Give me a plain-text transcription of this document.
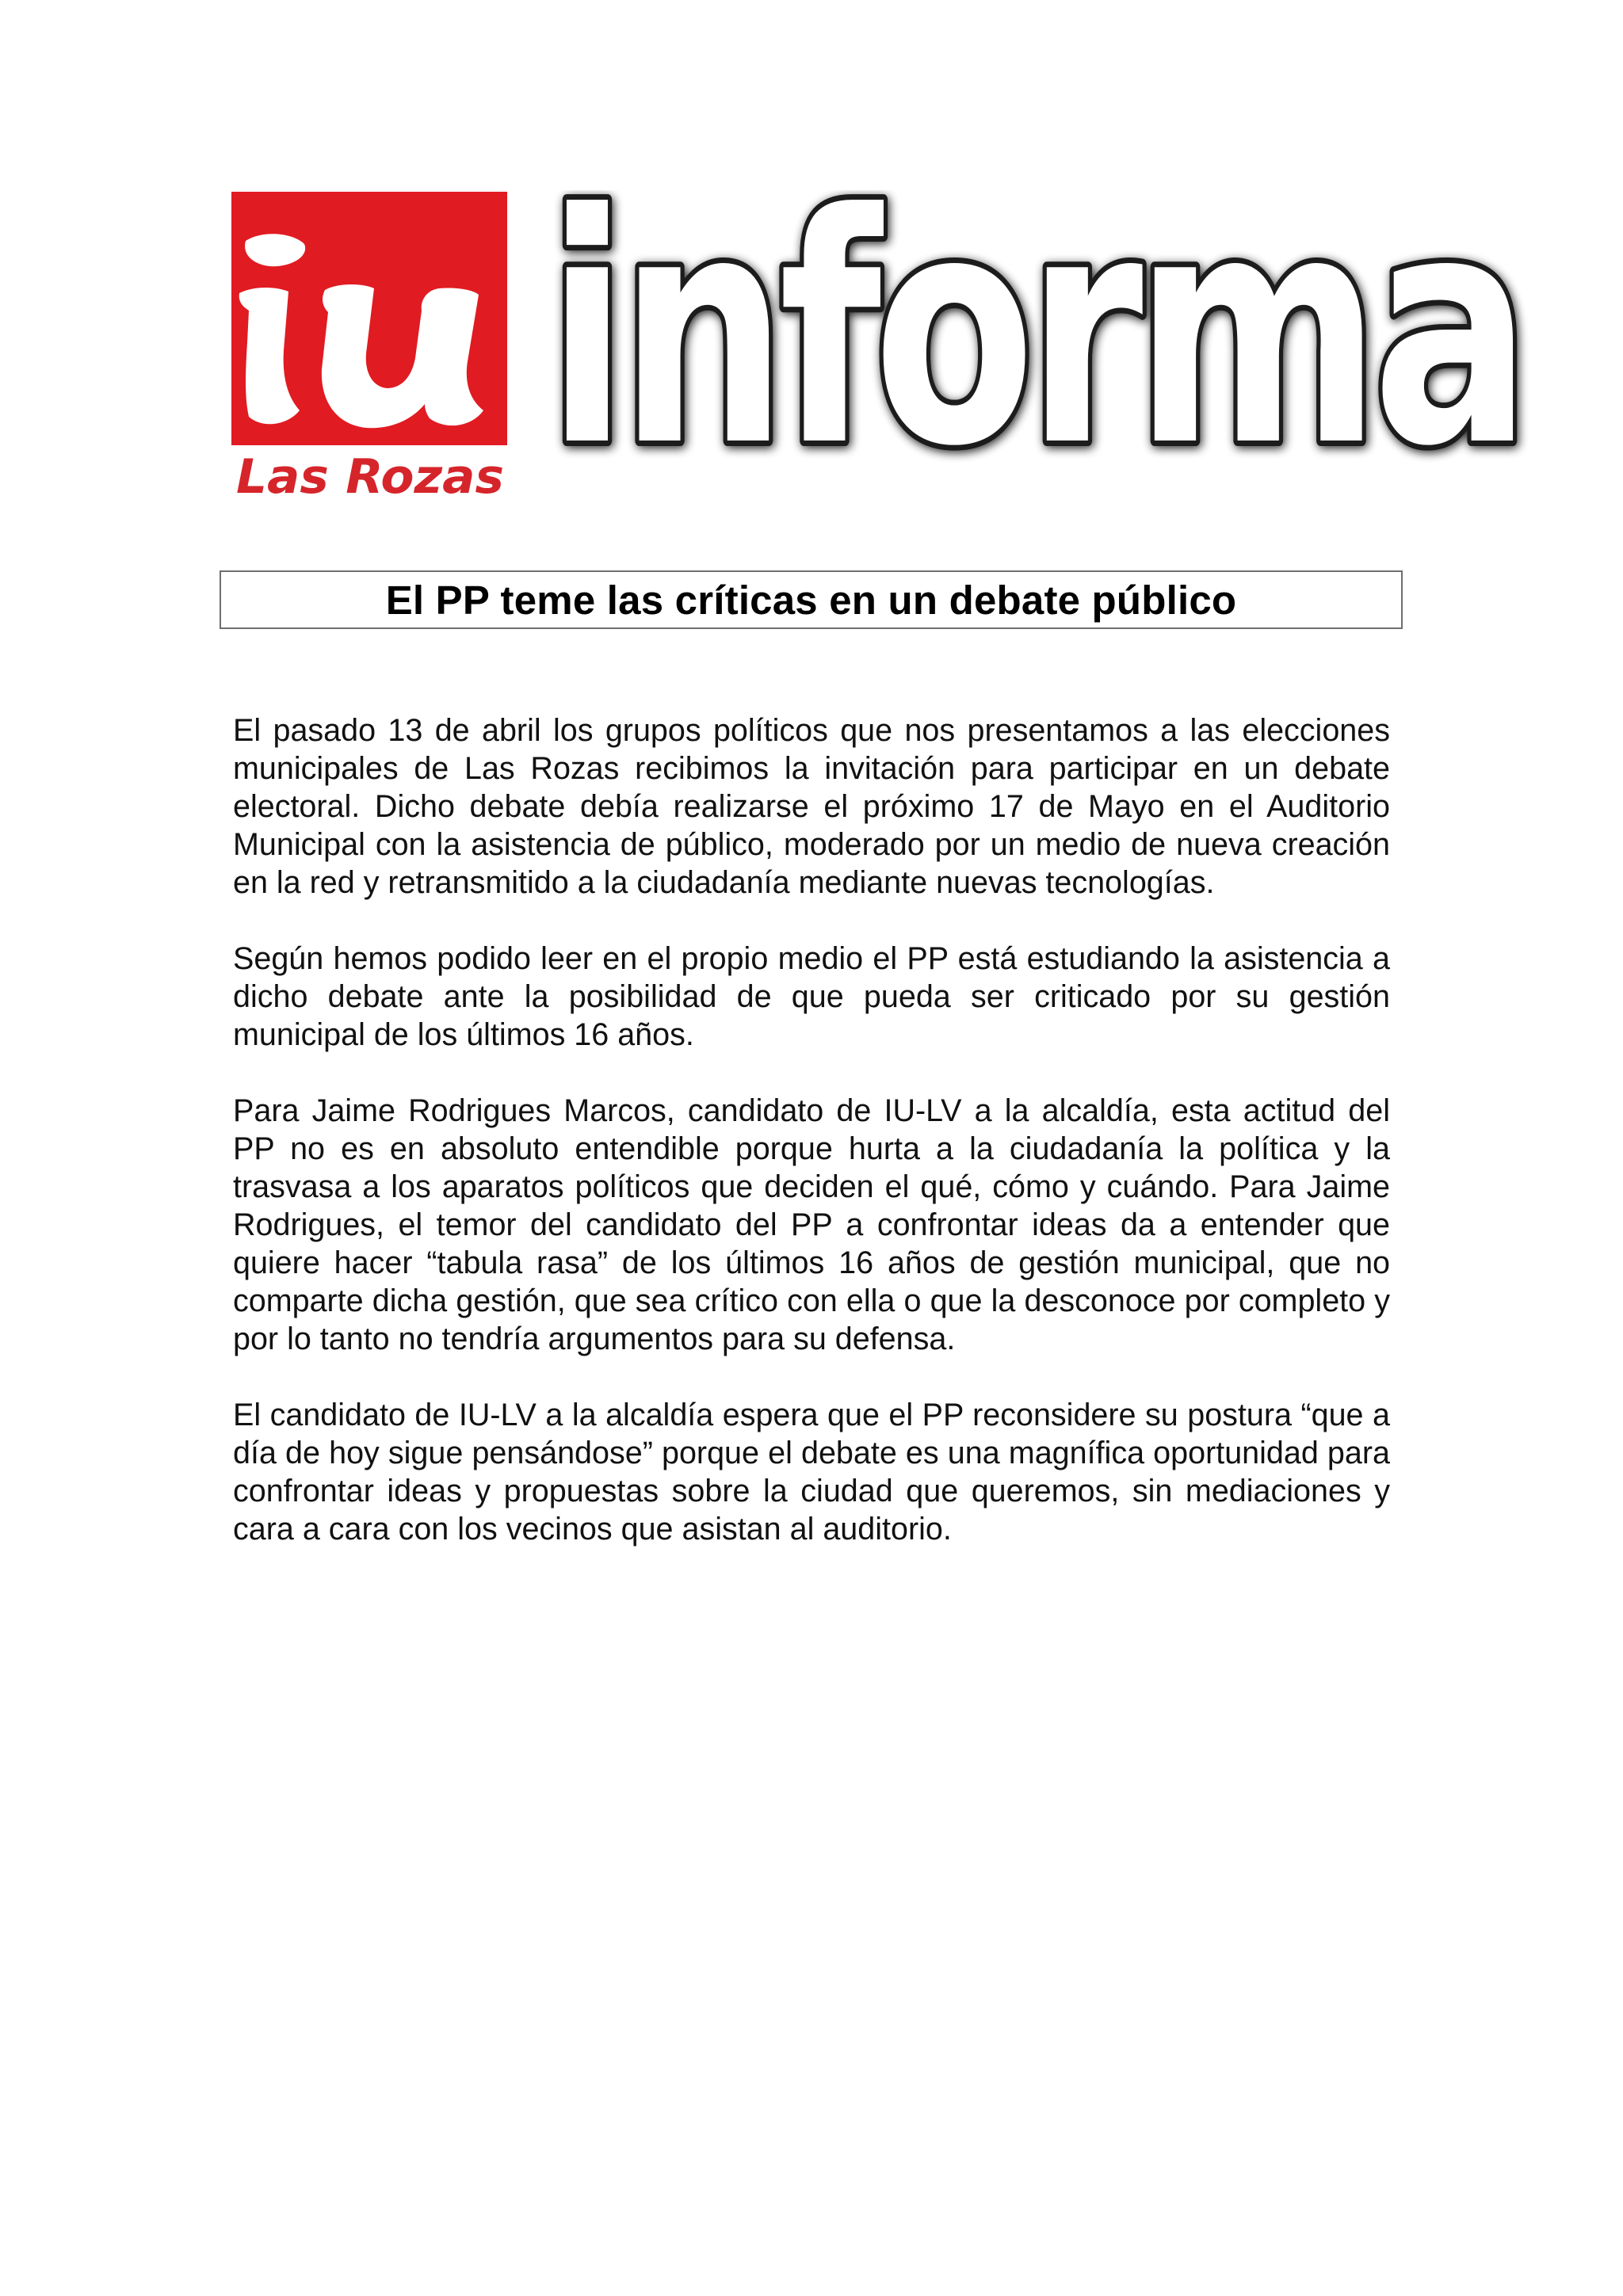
Las Rozas informa
El PP teme las críticas en un debate público

El pasado 13 de abril los grupos políticos que nos presentamos a las elecciones municipales de Las Rozas recibimos la invitación para participar en un debate electoral. Dicho debate debía realizarse el próximo 17 de Mayo en el Auditorio Municipal con la asistencia de público, moderado por un medio de nueva creación en la red y retransmitido a la ciudadanía mediante nuevas tecnologías.

Según hemos podido leer en el propio medio el PP está estudiando la asistencia a dicho debate ante la posibilidad de que pueda ser criticado por su gestión municipal de los últimos 16 años.

Para Jaime Rodrigues Marcos, candidato de IU-LV a la alcaldía, esta actitud del PP no es en absoluto entendible porque hurta a la ciudadanía la política y la trasvasa a los aparatos políticos que deciden el qué, cómo y cuándo. Para Jaime Rodrigues, el temor del candidato del PP a confrontar ideas da a entender que quiere hacer “tabula rasa” de los últimos 16 años de gestión municipal, que no comparte dicha gestión, que sea crítico con ella o que la desconoce por completo y por lo tanto no tendría argumentos para su defensa.

El candidato de IU-LV a la alcaldía espera que el PP reconsidere su postura “que a día de hoy sigue pensándose” porque el debate es una magnífica oportunidad para confrontar ideas y propuestas sobre la ciudad que queremos, sin mediaciones y cara a cara con los vecinos que asistan al auditorio.
